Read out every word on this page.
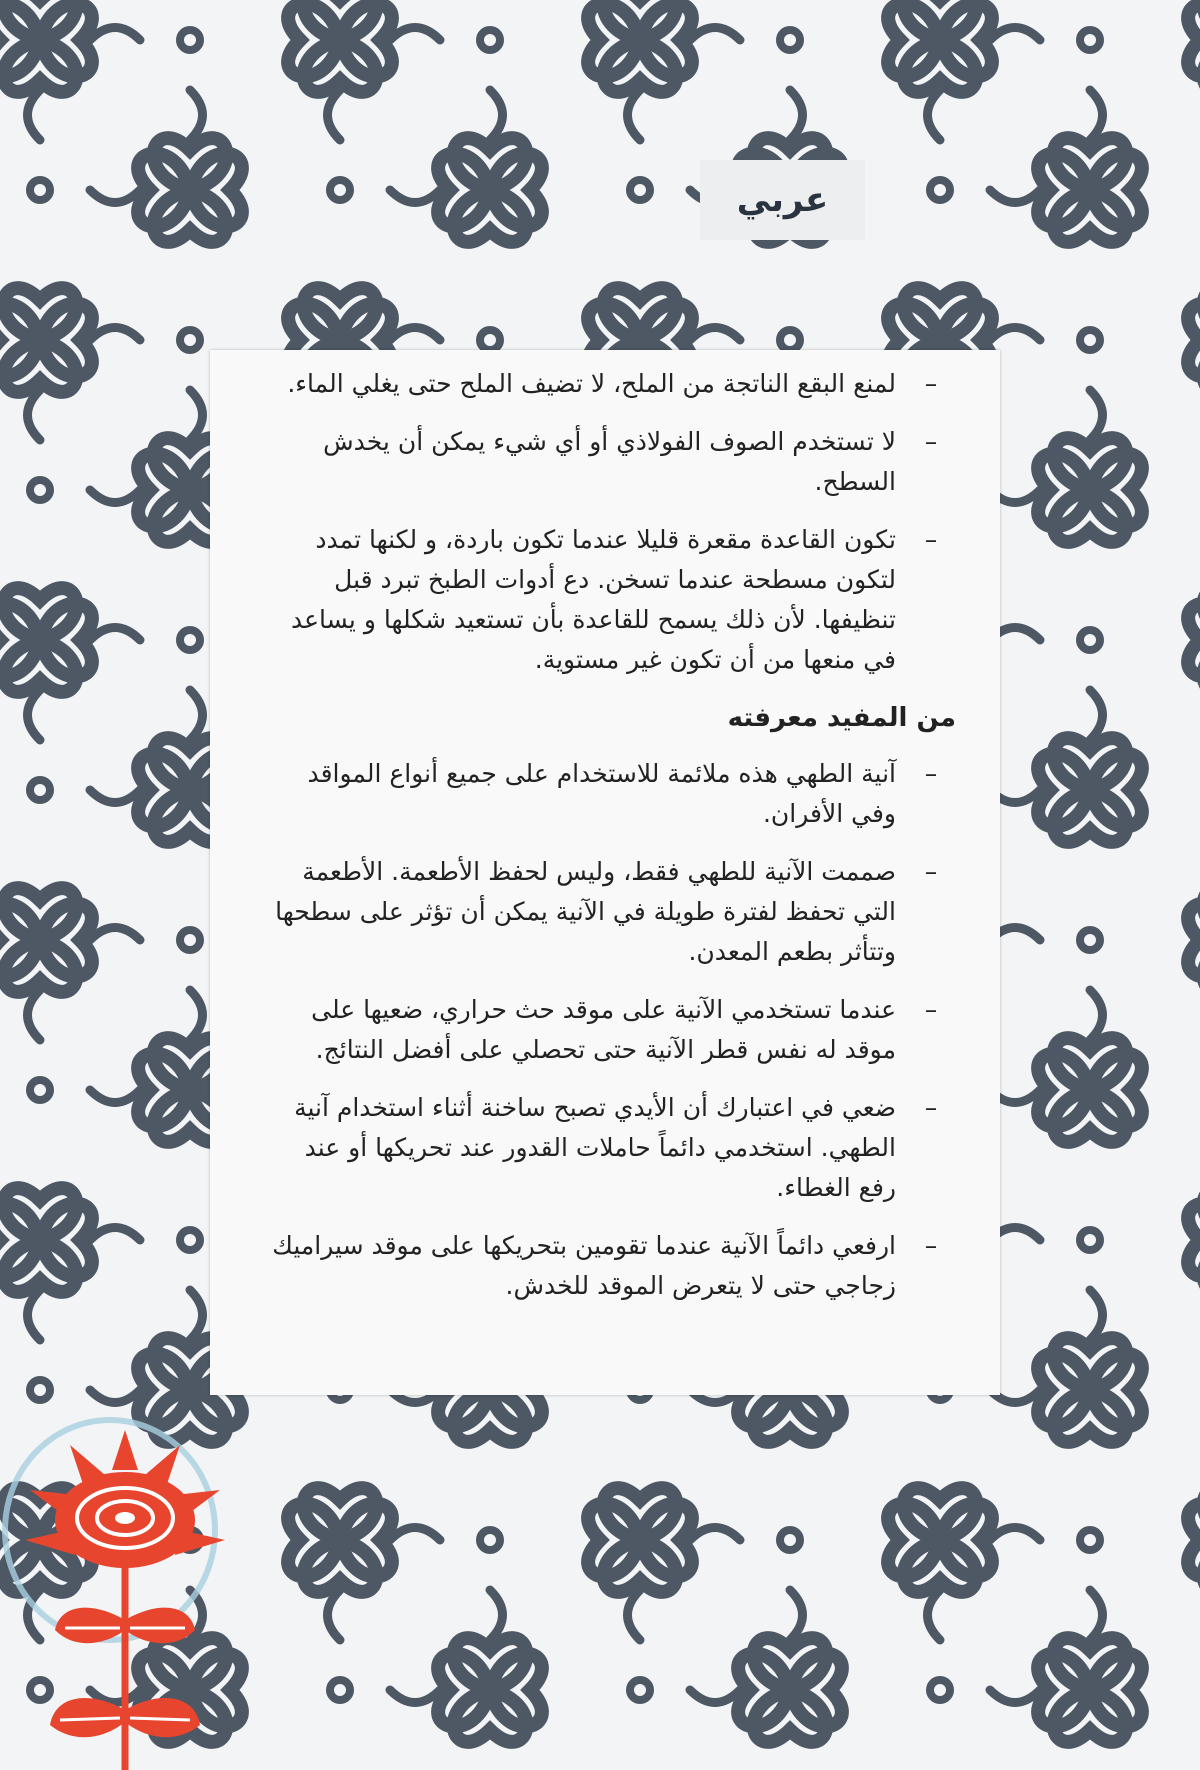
عربي
–
لمنع البقع الناتجة من الملح، لا تضيف الملح حتى يغلي الماء.
–
لا تستخدم الصوف الفولاذي أو أي شيء يمكن أن يخدش السطح.
–
تكون القاعدة مقعرة قليلا عندما تكون باردة، و لكنها تمدد لتكون مسطحة عندما تسخن. دع أدوات الطبخ تبرد قبل تنظيفها. لأن ذلك يسمح للقاعدة بأن تستعيد شكلها و يساعد في منعها من أن تكون غير مستوية.
من المفيد معرفته
–
آنية الطهي هذه ملائمة للاستخدام على جميع أنواع المواقد وفي الأفران.
–
صممت الآنية للطهي فقط، وليس لحفظ الأطعمة. الأطعمة التي تحفظ لفترة طويلة في الآنية يمكن أن تؤثر على سطحها وتتأثر بطعم المعدن.
–
عندما تستخدمي الآنية على موقد حث حراري، ضعيها على موقد له نفس قطر الآنية حتى تحصلي على أفضل النتائج.
–
ضعي في اعتبارك أن الأيدي تصبح ساخنة أثناء استخدام آنية الطهي. استخدمي دائماً حاملات القدور عند تحريكها أو عند رفع الغطاء.
–
ارفعي دائماً الآنية عندما تقومين بتحريكها على موقد سيراميك زجاجي حتى لا يتعرض الموقد للخدش.
